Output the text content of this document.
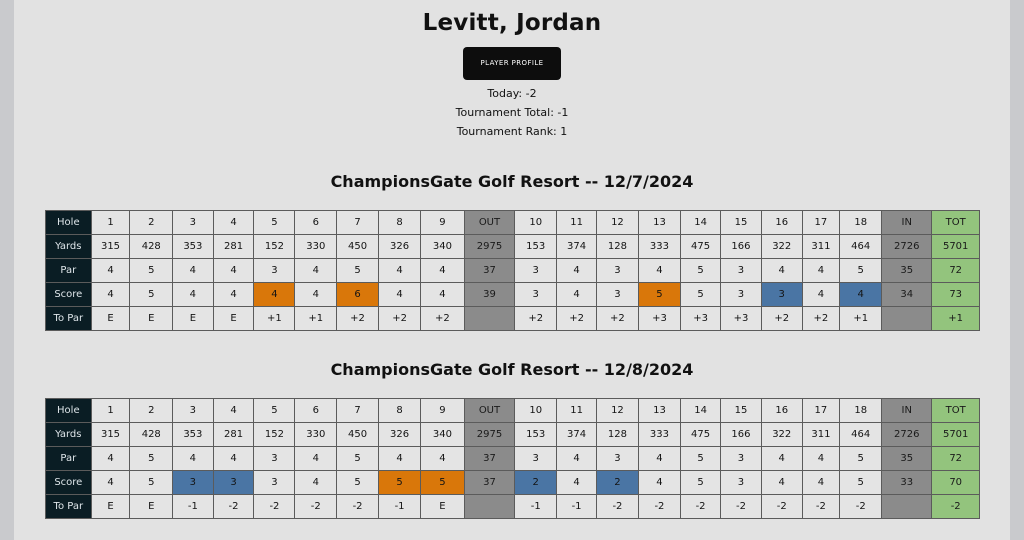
Levitt, Jordan
PLAYER PROFILE
Today: -2
Tournament Total: -1
Tournament Rank: 1
ChampionsGate Golf Resort -- 12/7/2024
Hole	1	2	3	4	5	6	7	8	9	OUT	10	11	12	13	14	15	16	17	18	IN	TOT
Yards	315	428	353	281	152	330	450	326	340	2975	153	374	128	333	475	166	322	311	464	2726	5701
Par	4	5	4	4	3	4	5	4	4	37	3	4	3	4	5	3	4	4	5	35	72
Score	4	5	4	4	4	4	6	4	4	39	3	4	3	5	5	3	3	4	4	34	73
To Par	E	E	E	E	+1	+1	+2	+2	+2		+2	+2	+2	+3	+3	+3	+2	+2	+1		+1
ChampionsGate Golf Resort -- 12/8/2024
Hole	1	2	3	4	5	6	7	8	9	OUT	10	11	12	13	14	15	16	17	18	IN	TOT
Yards	315	428	353	281	152	330	450	326	340	2975	153	374	128	333	475	166	322	311	464	2726	5701
Par	4	5	4	4	3	4	5	4	4	37	3	4	3	4	5	3	4	4	5	35	72
Score	4	5	3	3	3	4	5	5	5	37	2	4	2	4	5	3	4	4	5	33	70
To Par	E	E	-1	-2	-2	-2	-2	-1	E		-1	-1	-2	-2	-2	-2	-2	-2	-2		-2
